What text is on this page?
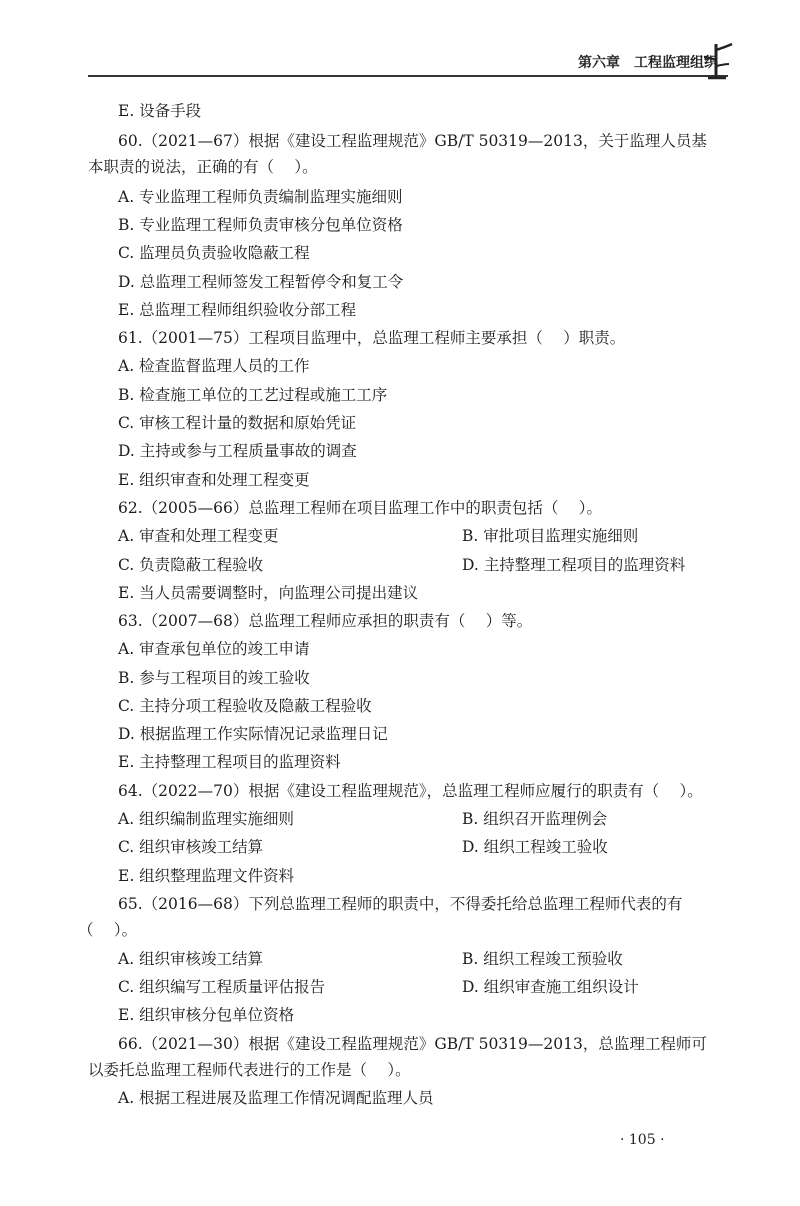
第六章 工程监理组织
E. 设备手段
60.（2021—67）根据《建设工程监理规范》GB/T 50319—2013，关于监理人员基
本职责的说法，正确的有（　 ）。
A. 专业监理工程师负责编制监理实施细则
B. 专业监理工程师负责审核分包单位资格
C. 监理员负责验收隐蔽工程
D. 总监理工程师签发工程暂停令和复工令
E. 总监理工程师组织验收分部工程
61.（2001—75）工程项目监理中，总监理工程师主要承担（　 ）职责。
A. 检查监督监理人员的工作
B. 检查施工单位的工艺过程或施工工序
C. 审核工程计量的数据和原始凭证
D. 主持或参与工程质量事故的调查
E. 组织审查和处理工程变更
62.（2005—66）总监理工程师在项目监理工作中的职责包括（　 ）。
A. 审查和处理工程变更	B. 审批项目监理实施细则
C. 负责隐蔽工程验收	D. 主持整理工程项目的监理资料
E. 当人员需要调整时，向监理公司提出建议
63.（2007—68）总监理工程师应承担的职责有（　 ）等。
A. 审查承包单位的竣工申请
B. 参与工程项目的竣工验收
C. 主持分项工程验收及隐蔽工程验收
D. 根据监理工作实际情况记录监理日记
E. 主持整理工程项目的监理资料
64.（2022—70）根据《建设工程监理规范》，总监理工程师应履行的职责有（　 ）。
A. 组织编制监理实施细则	B. 组织召开监理例会
C. 组织审核竣工结算	D. 组织工程竣工验收
E. 组织整理监理文件资料
65.（2016—68）下列总监理工程师的职责中，不得委托给总监理工程师代表的有
（　 ）。
A. 组织审核竣工结算	B. 组织工程竣工预验收
C. 组织编写工程质量评估报告	D. 组织审查施工组织设计
E. 组织审核分包单位资格
66.（2021—30）根据《建设工程监理规范》GB/T 50319—2013，总监理工程师可
以委托总监理工程师代表进行的工作是（　 ）。
A. 根据工程进展及监理工作情况调配监理人员
· 105 ·
